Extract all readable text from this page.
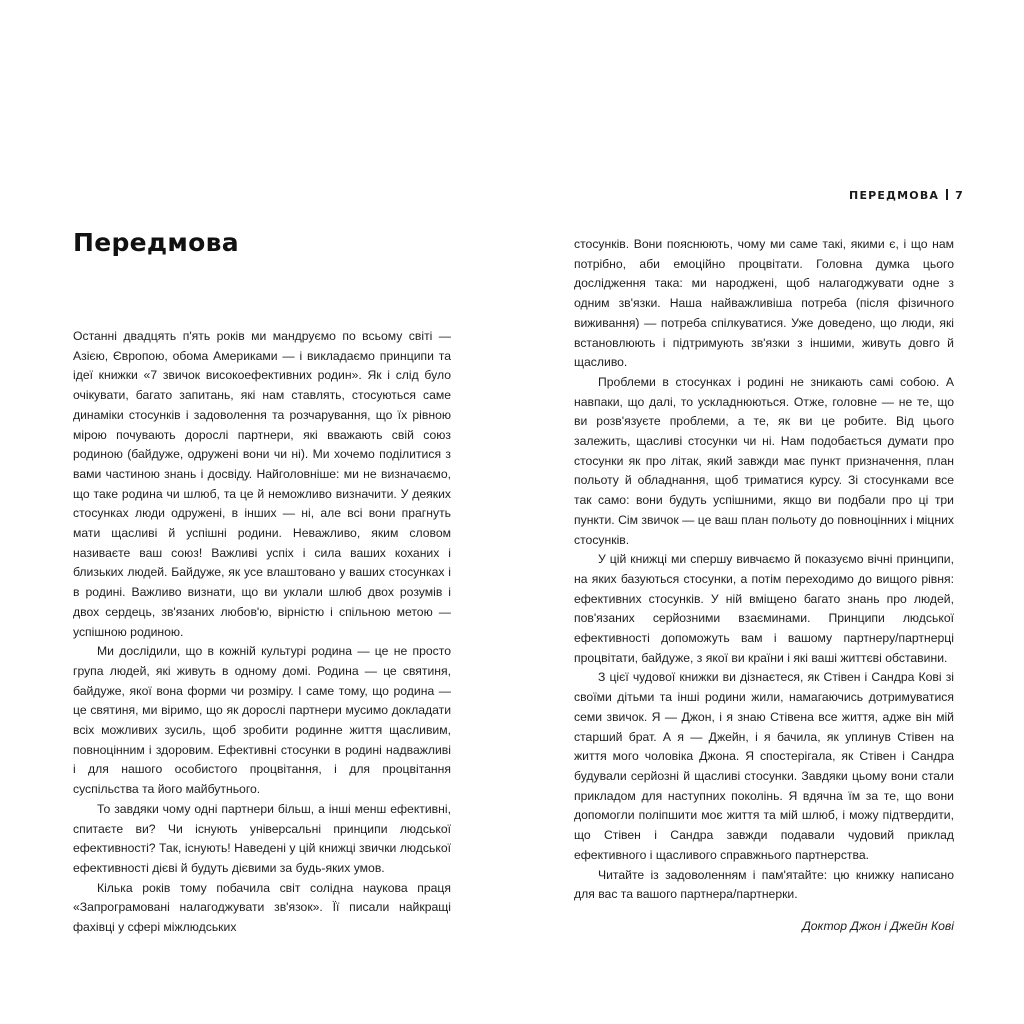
ПЕРЕДМОВА 7
Передмова

Останні двадцять п'ять років ми мандруємо по всьому світі — Азією, Європою, обома Америками — і викладаємо принципи та ідеї книжки «7 звичок високоефективних родин». Як і слід було очікувати, багато запитань, які нам ставлять, стосуються саме динаміки стосунків і задоволення та розчарування, що їх рівною мірою почувають дорослі партнери, які вважають свій союз родиною (байдуже, одружені вони чи ні). Ми хочемо поділитися з вами частиною знань і досвіду. Найголовніше: ми не визначаємо, що таке родина чи шлюб, та це й неможливо визначити. У деяких стосунках люди одружені, в інших — ні, але всі вони прагнуть мати щасливі й успішні родини. Неважливо, яким словом називаєте ваш союз! Важливі успіх і сила ваших коханих і близьких людей. Байдуже, як усе влаштовано у ваших стосунках і в родині. Важливо визнати, що ви уклали шлюб двох розумів і двох сердець, зв'язаних любов'ю, вірністю і спільною метою — успішною родиною.

Ми дослідили, що в кожній культурі родина — це не просто група людей, які живуть в одному домі. Родина — це святиня, байдуже, якої вона форми чи розміру. І саме тому, що родина — це святиня, ми віримо, що як дорослі партнери мусимо докладати всіх можливих зусиль, щоб зробити родинне життя щасливим, повноцінним і здоровим. Ефективні стосунки в родині надважливі і для нашого особистого процвітання, і для процвітання суспільства та його майбутнього.

То завдяки чому одні партнери більш, а інші менш ефективні, спитаєте ви? Чи існують універсальні принципи людської ефективності? Так, існують! Наведені у цій книжці звички людської ефективності дієві й будуть дієвими за будь-яких умов.

Кілька років тому побачила світ солідна наукова праця «Запрограмовані налагоджувати зв'язок». Її писали найкращі фахівці у сфері міжлюдських

стосунків. Вони пояснюють, чому ми саме такі, якими є, і що нам потрібно, аби емоційно процвітати. Головна думка цього дослідження така: ми народжені, щоб налагоджувати одне з одним зв'язки. Наша найважливіша потреба (після фізичного виживання) — потреба спілкуватися. Уже доведено, що люди, які встановлюють і підтримують зв'язки з іншими, живуть довго й щасливо.

Проблеми в стосунках і родині не зникають самі собою. А навпаки, що далі, то ускладнюються. Отже, головне — не те, що ви розв'язуєте проблеми, а те, як ви це робите. Від цього залежить, щасливі стосунки чи ні. Нам подобається думати про стосунки як про літак, який завжди має пункт призначення, план польоту й обладнання, щоб триматися курсу. Зі стосунками все так само: вони будуть успішними, якщо ви подбали про ці три пункти. Сім звичок — це ваш план польоту до повноцінних і міцних стосунків.

У цій книжці ми спершу вивчаємо й показуємо вічні принципи, на яких базуються стосунки, а потім переходимо до вищого рівня: ефективних стосунків. У ній вміщено багато знань про людей, пов'язаних серйозними взаєминами. Принципи людської ефективності допоможуть вам і вашому партнеру/партнерці процвітати, байдуже, з якої ви країни і які ваші життєві обставини.

З цієї чудової книжки ви дізнаєтеся, як Стівен і Сандра Кові зі своїми дітьми та інші родини жили, намагаючись дотримуватися семи звичок. Я — Джон, і я знаю Стівена все життя, адже він мій старший брат. А я — Джейн, і я бачила, як уплинув Стівен на життя мого чоловіка Джона. Я спостерігала, як Стівен і Сандра будували серйозні й щасливі стосунки. Завдяки цьому вони стали прикладом для наступних поколінь. Я вдячна їм за те, що вони допомогли поліпшити моє життя та мій шлюб, і можу підтвердити, що Стівен і Сандра завжди подавали чудовий приклад ефективного і щасливого справжнього партнерства.

Читайте із задоволенням і пам'ятайте: цю книжку написано для вас та вашого партнера/партнерки.

Доктор Джон і Джейн Кові
